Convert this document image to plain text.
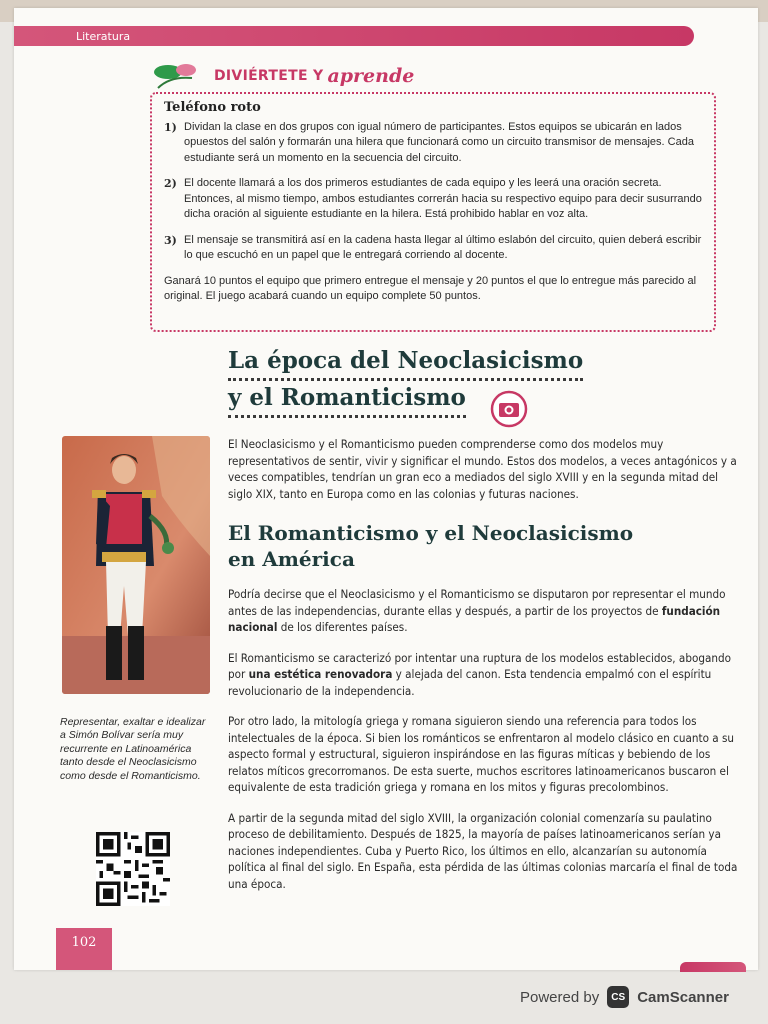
Literatura
DIVIÉRTETE Y aprende
Teléfono roto
1) Dividan la clase en dos grupos con igual número de participantes. Estos equipos se ubicarán en lados opuestos del salón y formarán una hilera que funcionará como un circuito transmisor de mensajes. Cada estudiante será un momento en la secuencia del circuito.

2) El docente llamará a los dos primeros estudiantes de cada equipo y les leerá una oración secreta. Entonces, al mismo tiempo, ambos estudiantes correrán hacia su respectivo equipo para decir susurrando dicha oración al siguiente estudiante en la hilera. Está prohibido hablar en voz alta.

3) El mensaje se transmitirá así en la cadena hasta llegar al último eslabón del circuito, quien deberá escribir lo que escuchó en un papel que le entregará corriendo al docente.

Ganará 10 puntos el equipo que primero entregue el mensaje y 20 puntos el que lo entregue más parecido al original. El juego acabará cuando un equipo complete 50 puntos.

La época del Neoclasicismo
y el Romanticismo

El Neoclasicismo y el Romanticismo pueden comprenderse como dos modelos muy representativos de sentir, vivir y significar el mundo. Estos dos modelos, a veces antagónicos y a veces compatibles, tendrían un gran eco a mediados del siglo XVIII y en la segunda mitad del siglo XIX, tanto en Europa como en las colonias y futuras naciones.

El Romanticismo y el Neoclasicismo
en América

Podría decirse que el Neoclasicismo y el Romanticismo se disputaron por representar el mundo antes de las independencias, durante ellas y después, a partir de los proyectos de fundación nacional de los diferentes países.

El Romanticismo se caracterizó por intentar una ruptura de los modelos establecidos, abogando por una estética renovadora y alejada del canon. Esta tendencia empalmó con el espíritu revolucionario de la independencia.

Por otro lado, la mitología griega y romana siguieron siendo una referencia para todos los intelectuales de la época. Si bien los románticos se enfrentaron al modelo clásico en cuanto a su aspecto formal y estructural, siguieron inspirándose en las figuras míticas y bebiendo de los relatos míticos grecorromanos. De esta suerte, muchos escritores latinoamericanos buscaron el equivalente de esta tradición griega y romana en los mitos y figuras precolombinos.

A partir de la segunda mitad del siglo XVIII, la organización colonial comenzaría su paulatino proceso de debilitamiento. Después de 1825, la mayoría de países latinoamericanos serían ya naciones independientes. Cuba y Puerto Rico, los últimos en ello, alcanzarían su autonomía política al final del siglo. En España, esta pérdida de las últimas colonias marcaría el final de toda una época.

Representar, exaltar e idealizar a Simón Bolívar sería muy recurrente en Latinoamérica tanto desde el Neoclasicismo como desde el Romanticismo.

102
Powered by	CS CamScanner
